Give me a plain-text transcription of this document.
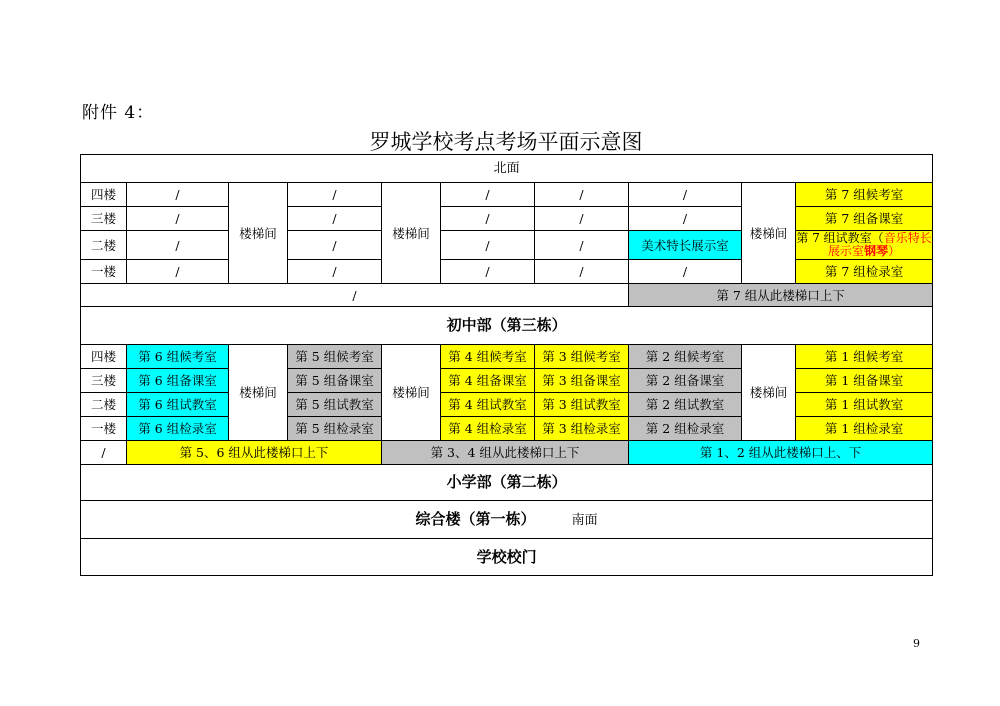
附件 4：
罗城学校考点考场平面示意图
北面									
四楼	/	楼梯间	/	楼梯间	/	/	/	楼梯间	第 7 组候考室
三楼	/		/		/	/	/		第 7 组备课室
二楼	/		/		/	/	美术特长展示室		第 7 组试教室（音乐特长展示室钢琴）
一楼	/		/		/	/	/		第 7 组检录室
/							第 7 组从此楼梯口上下		
初中部（第三栋）									
四楼	第 6 组候考室	楼梯间	第 5 组候考室	楼梯间	第 4 组候考室	第 3 组候考室	第 2 组候考室	楼梯间	第 1 组候考室
三楼	第 6 组备课室		第 5 组备课室		第 4 组备课室	第 3 组备课室	第 2 组备课室		第 1 组备课室
二楼	第 6 组试教室		第 5 组试教室		第 4 组试教室	第 3 组试教室	第 2 组试教室		第 1 组试教室
一楼	第 6 组检录室		第 5 组检录室		第 4 组检录室	第 3 组检录室	第 2 组检录室		第 1 组检录室
/	第 5、6 组从此楼梯口上下			第 3、4 组从此楼梯口上下			第 1、2 组从此楼梯口上、下		
小学部（第二栋）									
综合楼（第一栋） 南面									
学校校门									
9
